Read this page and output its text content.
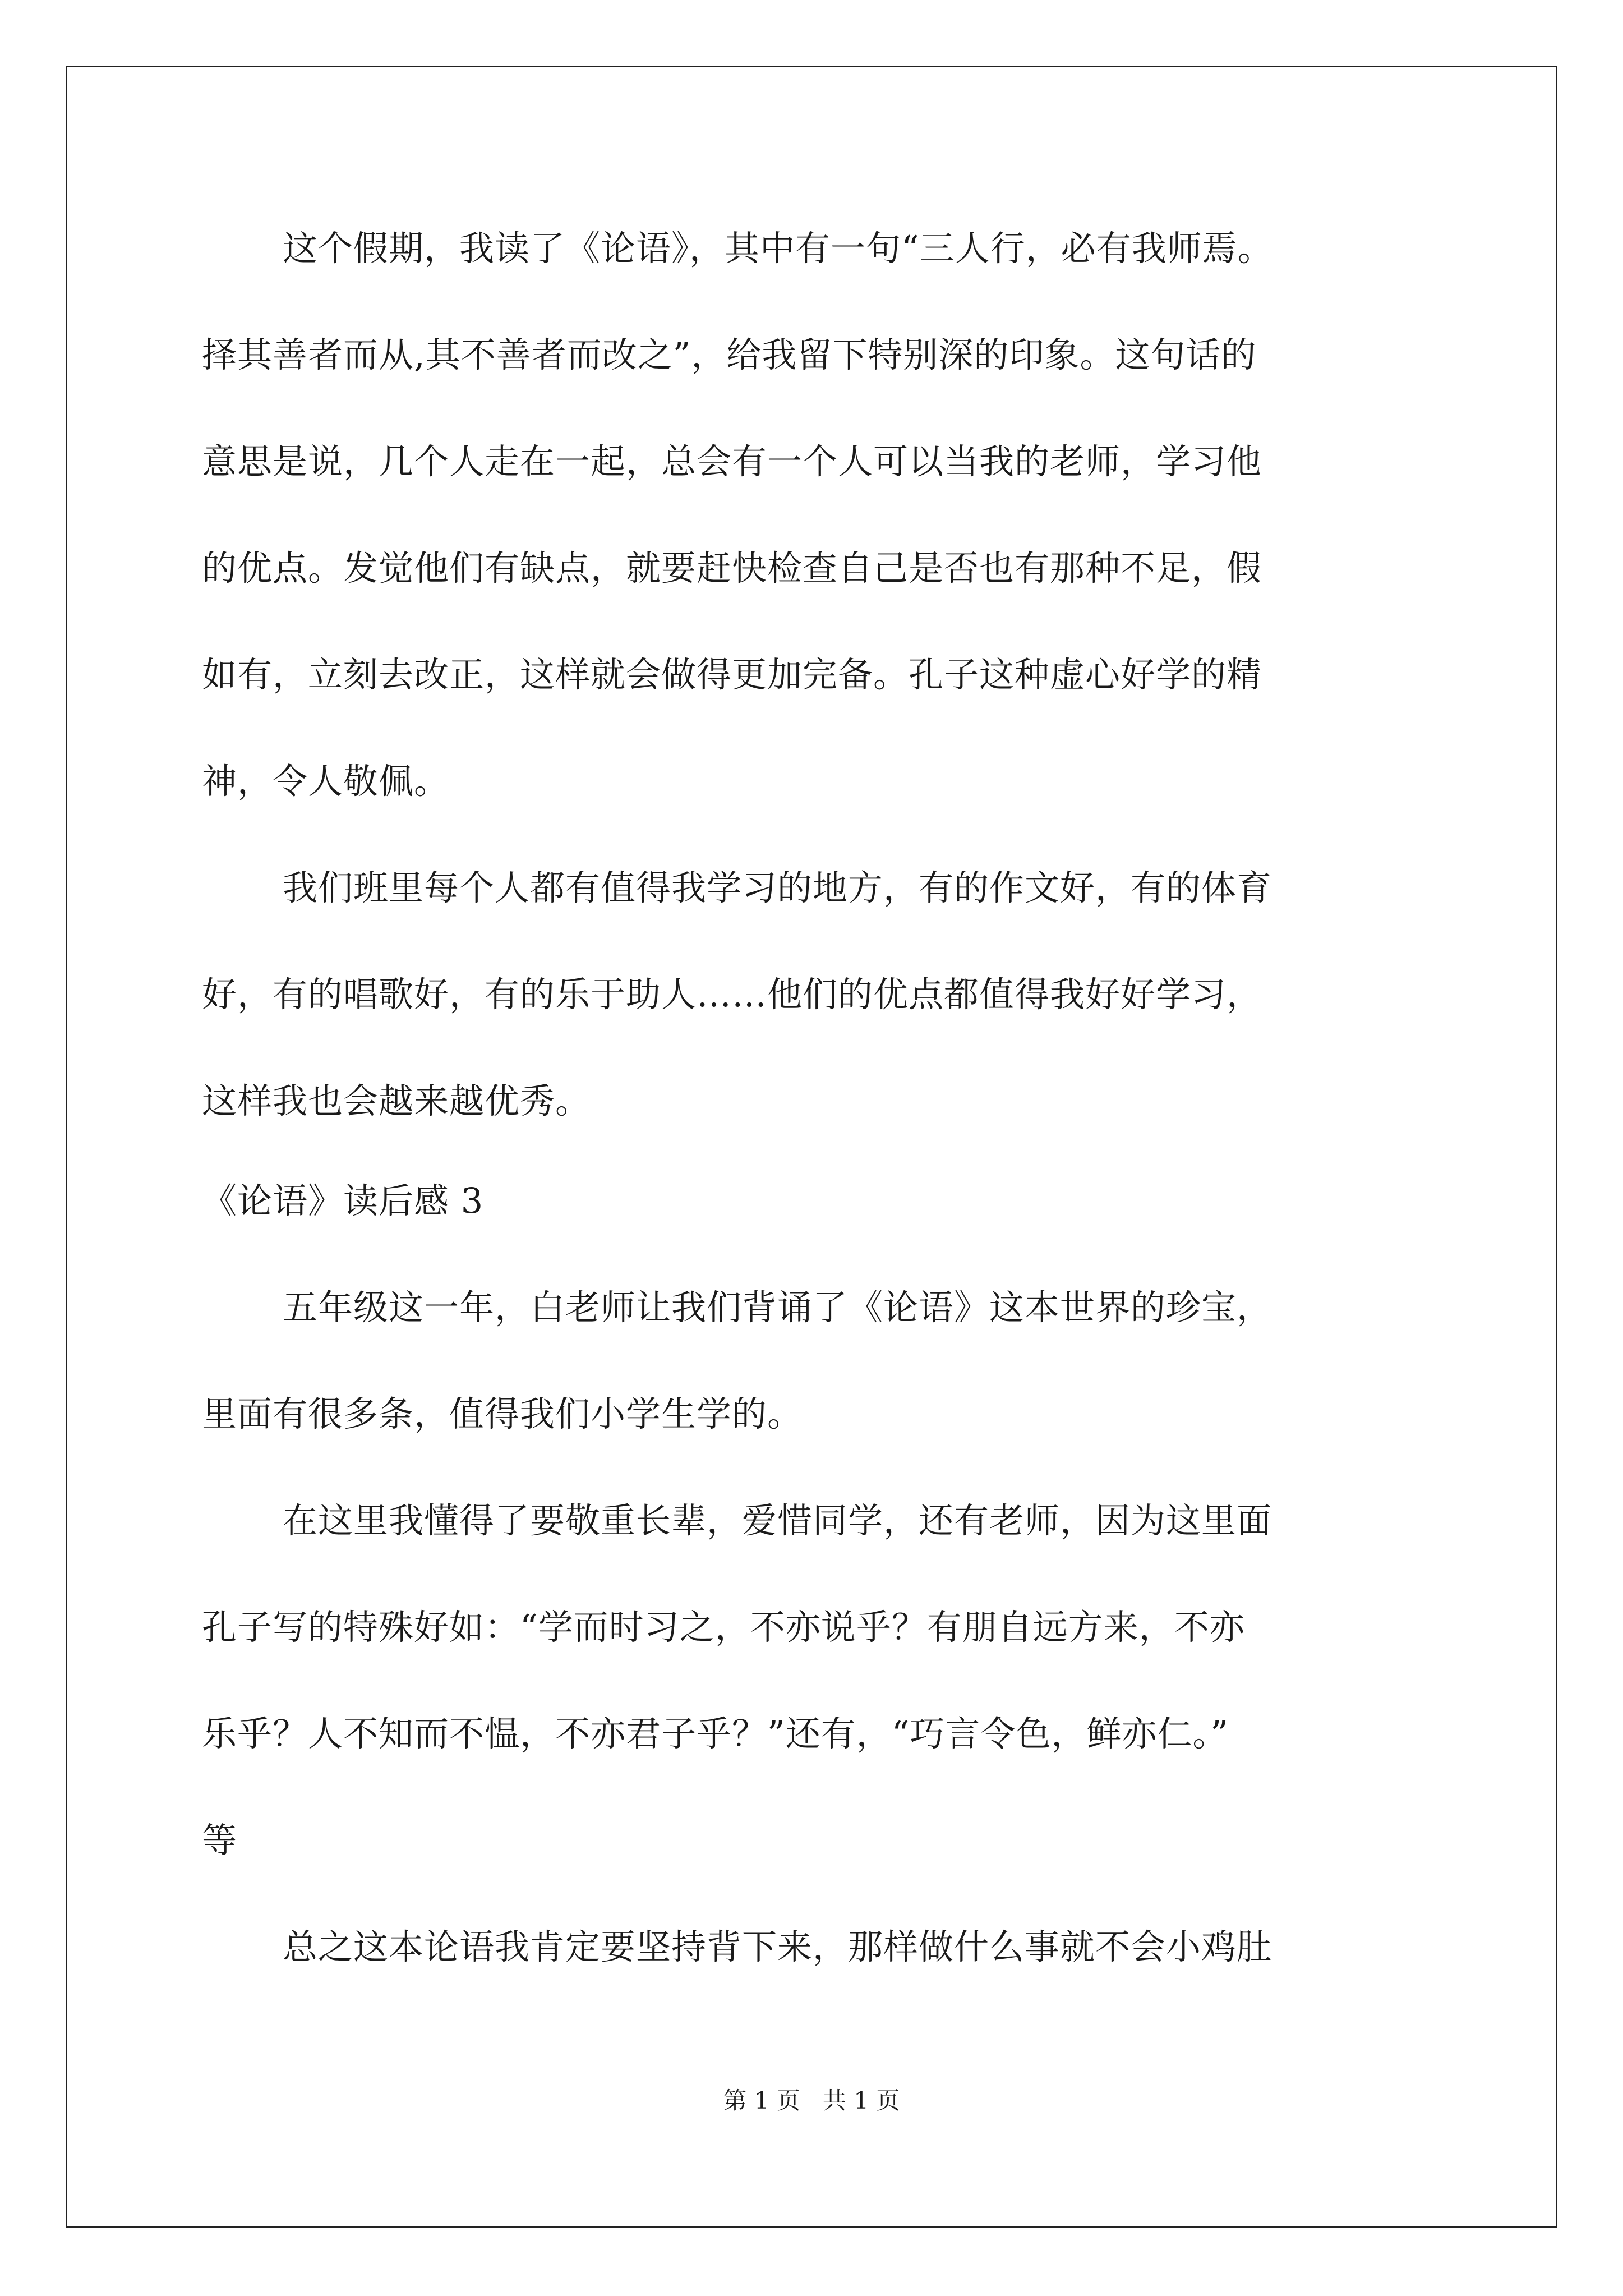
这个假期，我读了《论语》，其中有一句“三人行，必有我师焉。
择其善者而从,其不善者而改之”，给我留下特别深的印象。这句话的
意思是说，几个人走在一起，总会有一个人可以当我的老师，学习他
的优点。发觉他们有缺点，就要赶快检查自己是否也有那种不足，假
如有，立刻去改正，这样就会做得更加完备。孔子这种虚心好学的精
神，令人敬佩。
我们班里每个人都有值得我学习的地方，有的作文好，有的体育
好，有的唱歌好，有的乐于助人……他们的优点都值得我好好学习，
这样我也会越来越优秀。
《论语》读后感 3
五年级这一年，白老师让我们背诵了《论语》这本世界的珍宝，
里面有很多条，值得我们小学生学的。
在这里我懂得了要敬重长辈，爱惜同学，还有老师，因为这里面
孔子写的特殊好如：“学而时习之，不亦说乎？有朋自远方来，不亦
乐乎？人不知而不愠，不亦君子乎？”还有，“巧言令色，鲜亦仁。”
等
总之这本论语我肯定要坚持背下来，那样做什么事就不会小鸡肚
第 1 页   共 1 页
